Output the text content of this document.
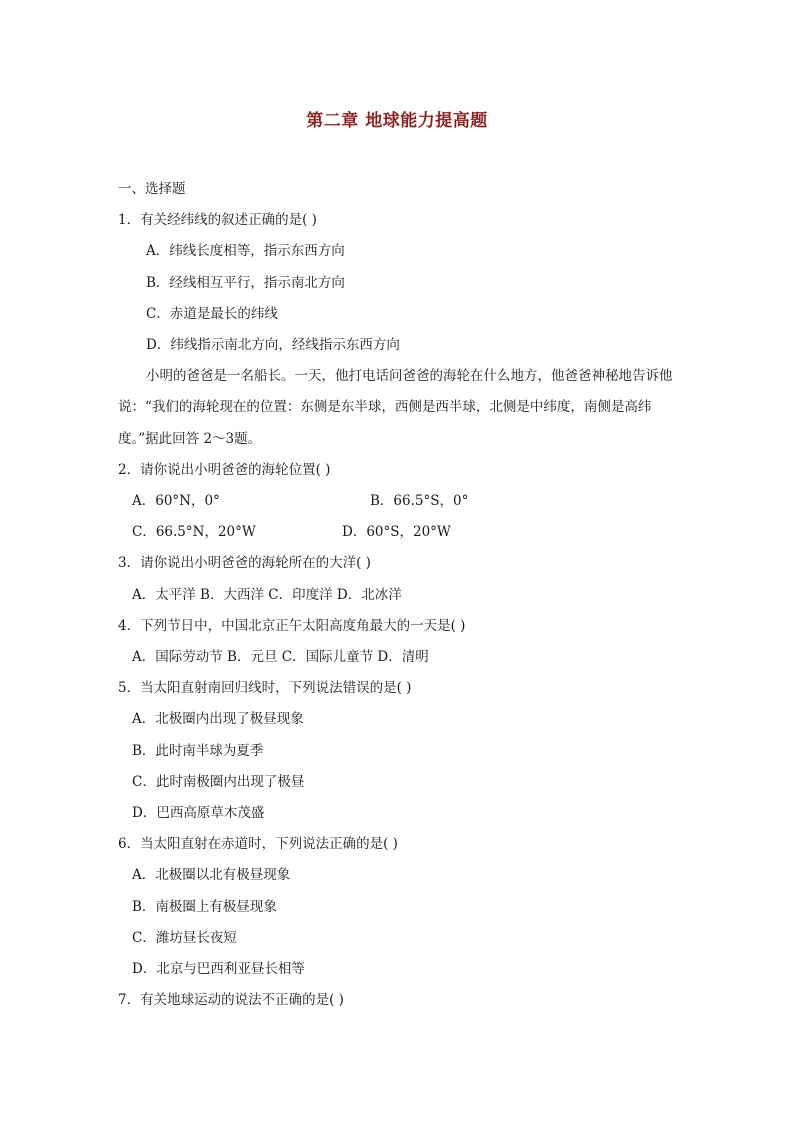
第二章 地球能力提高题
一、选择题
1．有关经纬线的叙述正确的是( )
A．纬线长度相等，指示东西方向
B．经线相互平行，指示南北方向
C．赤道是最长的纬线
D．纬线指示南北方向，经线指示东西方向
小明的爸爸是一名船长。一天，他打电话问爸爸的海轮在什么地方，他爸爸神秘地告诉他说：“我们的海轮现在的位置：东侧是东半球，西侧是西半球，北侧是中纬度，南侧是高纬度。”据此回答 2～3题。
2．请你说出小明爸爸的海轮位置( )
A．60°N，0°	B．66.5°S，0°
C．66.5°N，20°W	D．60°S，20°W
3．请你说出小明爸爸的海轮所在的大洋( )
A．太平洋 B．大西洋 C．印度洋 D．北冰洋
4．下列节日中，中国北京正午太阳高度角最大的一天是( )
A．国际劳动节 B．元旦 C．国际儿童节 D．清明
5．当太阳直射南回归线时，下列说法错误的是( )
A．北极圈内出现了极昼现象
B．此时南半球为夏季
C．此时南极圈内出现了极昼
D．巴西高原草木茂盛
6．当太阳直射在赤道时，下列说法正确的是( )
A．北极圈以北有极昼现象
B．南极圈上有极昼现象
C．潍坊昼长夜短
D．北京与巴西利亚昼长相等
7．有关地球运动的说法不正确的是( )
